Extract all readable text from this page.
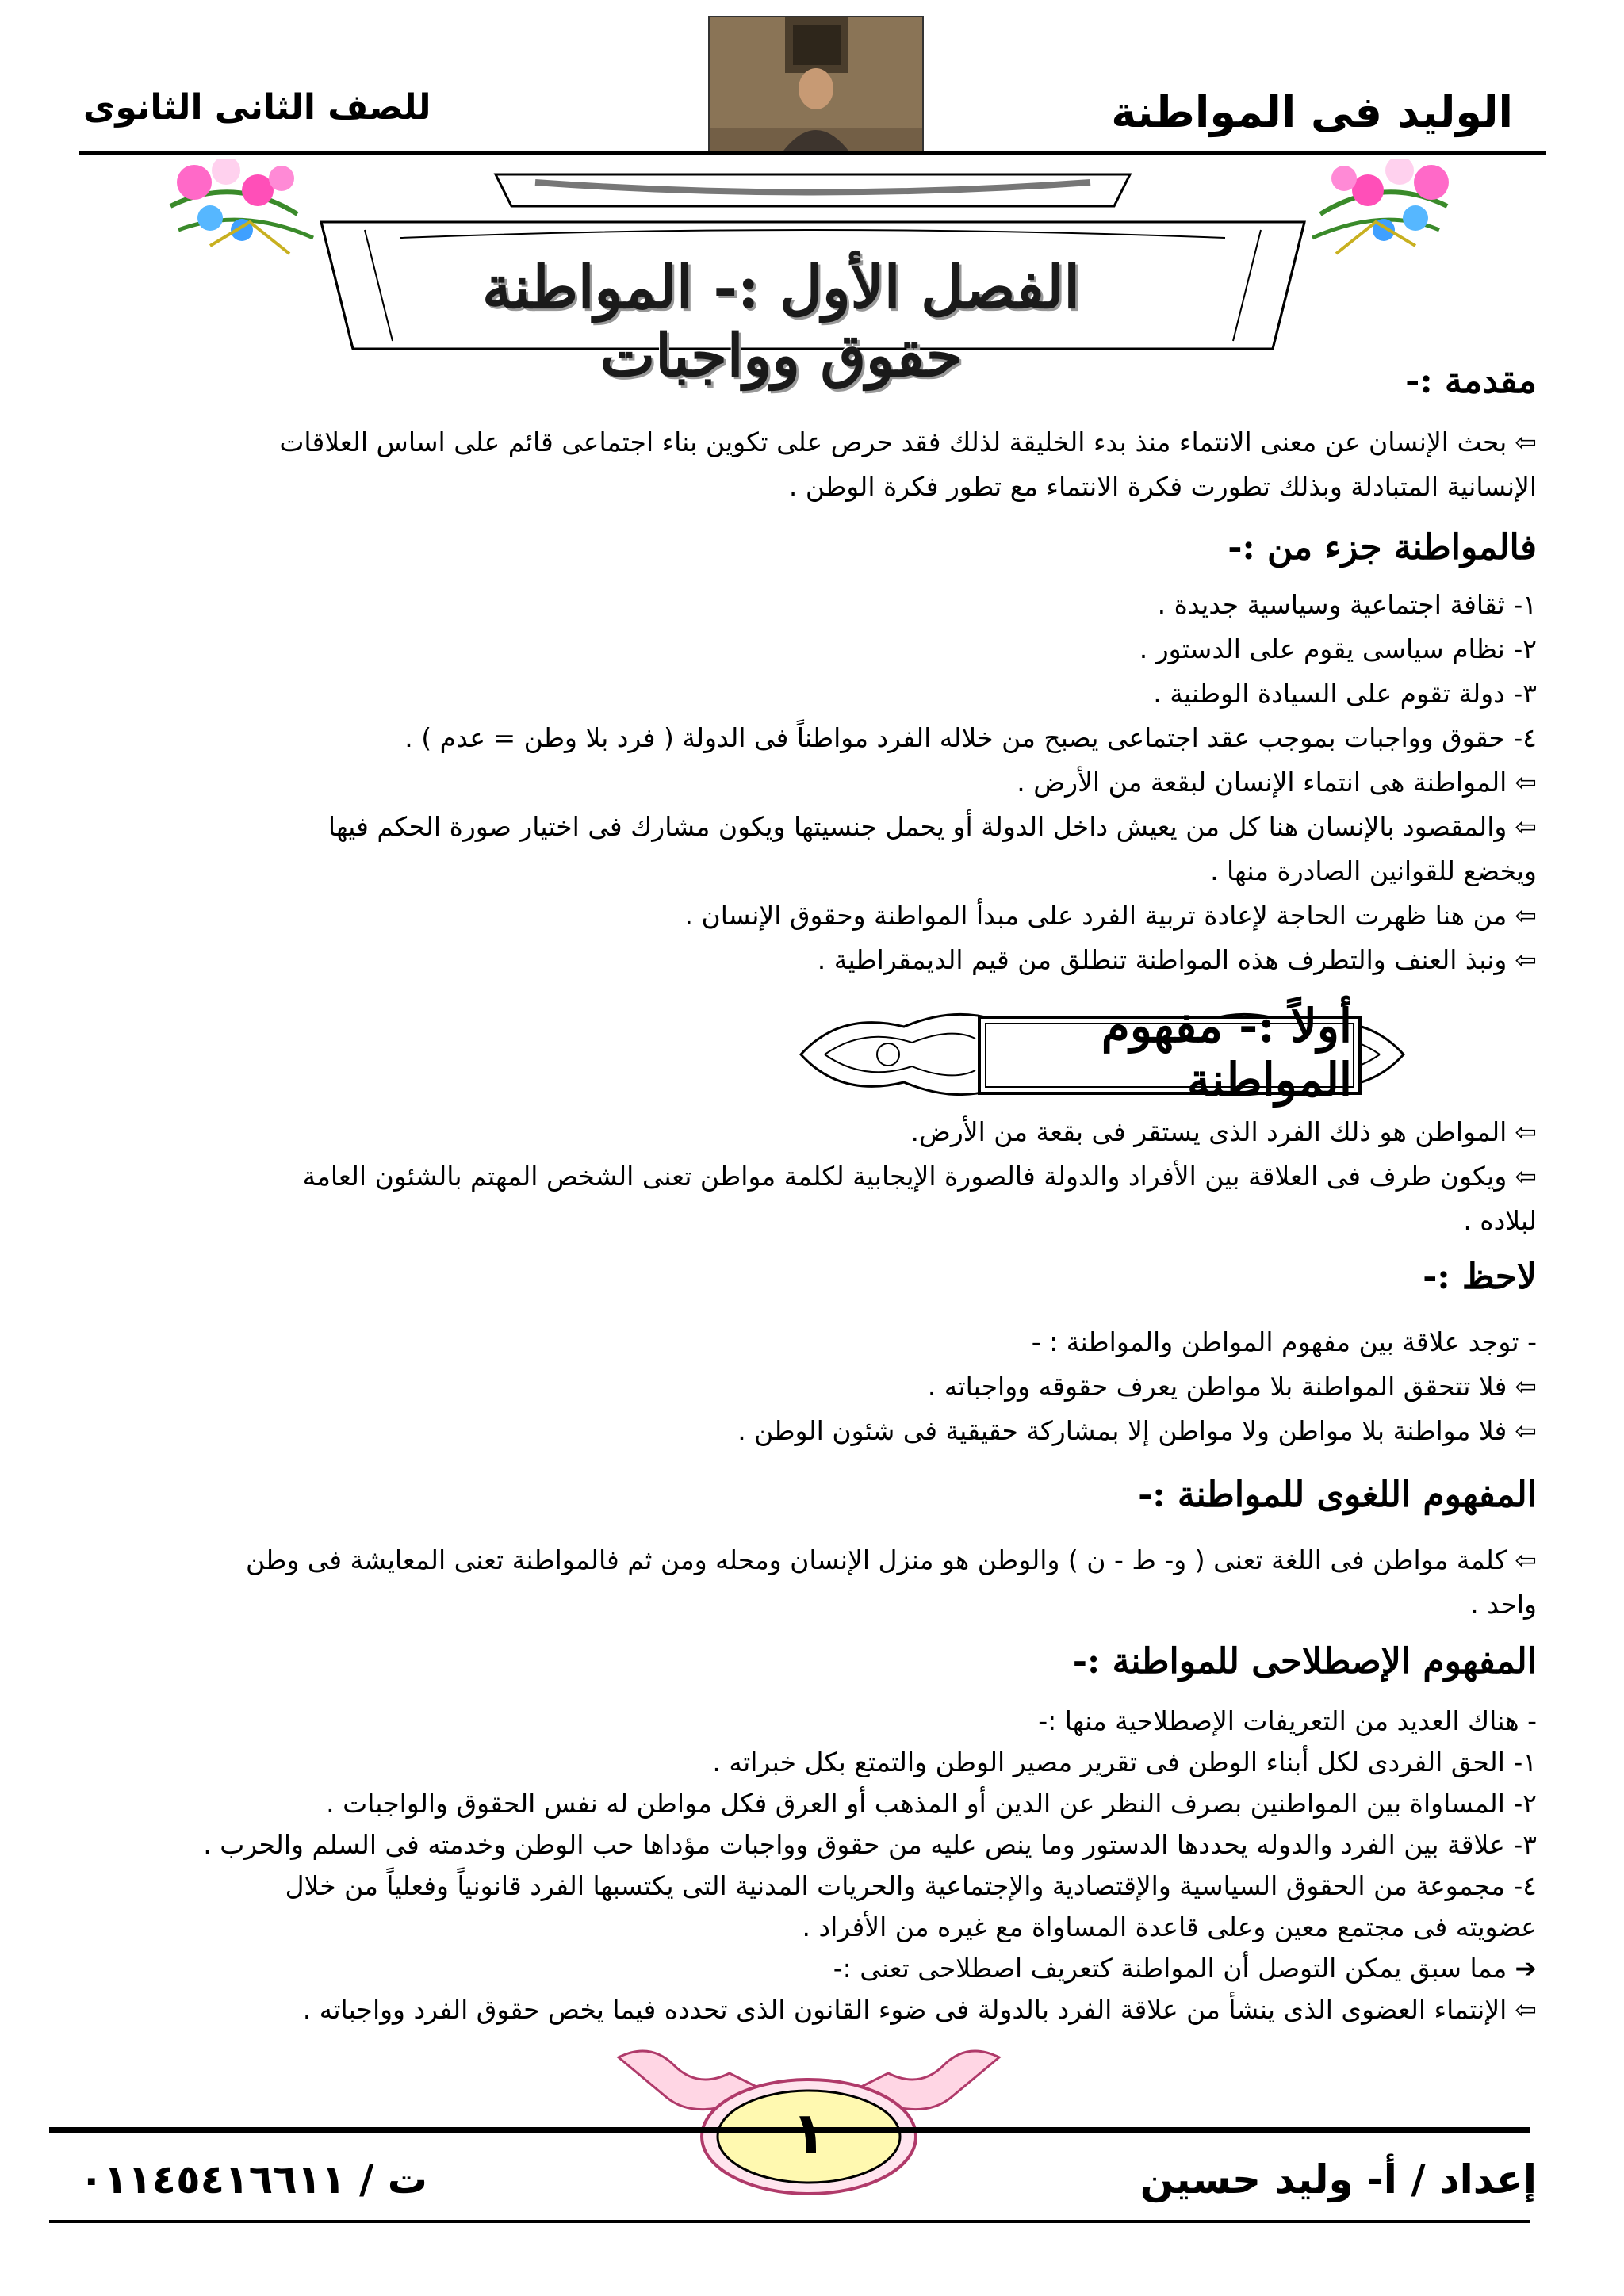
الوليد فى المواطنة
للصف الثانى الثانوى
الفصل الأول :- المواطنة حقوق وواجبات	مقدمة :-
⇦بحث الإنسان عن معنى الانتماء منذ بدء الخليقة لذلك فقد حرص على تكوين بناء اجتماعى قائم على اساس العلاقات
الإنسانية المتبادلة وبذلك تطورت فكرة الانتماء مع تطور فكرة الوطن .
فالمواطنة جزء من :-
١- ثقافة اجتماعية وسياسية جديدة .
٢- نظام سياسى يقوم على الدستور .
٣- دولة تقوم على السيادة الوطنية .
٤- حقوق وواجبات بموجب عقد اجتماعى يصبح من خلاله الفرد مواطناً فى الدولة ( فرد بلا وطن = عدم ) .
⇦المواطنة هى انتماء الإنسان لبقعة من الأرض .
⇦والمقصود بالإنسان هنا كل من يعيش داخل الدولة أو يحمل جنسيتها ويكون مشارك فى اختيار صورة الحكم فيها
ويخضع للقوانين الصادرة منها .
⇦من هنا ظهرت الحاجة لإعادة تربية الفرد على مبدأ المواطنة وحقوق الإنسان .
⇦ونبذ العنف والتطرف هذه المواطنة تنطلق من قيم الديمقراطية .
أولاً :- مفهوم المواطنة
⇦المواطن هو ذلك الفرد الذى يستقر فى بقعة من الأرض.
⇦ويكون طرف فى العلاقة بين الأفراد والدولة فالصورة الإيجابية لكلمة مواطن تعنى الشخص المهتم بالشئون العامة
لبلاده .
لاحظ :-
- توجد علاقة بين مفهوم المواطن والمواطنة : -
⇦فلا تتحقق المواطنة بلا مواطن يعرف حقوقه وواجباته .
⇦فلا مواطنة بلا مواطن ولا مواطن إلا بمشاركة حقيقية فى شئون الوطن .
المفهوم اللغوى للمواطنة :-
⇦كلمة مواطن فى اللغة تعنى ( و- ط - ن ) والوطن هو منزل الإنسان ومحله ومن ثم فالمواطنة تعنى المعايشة فى وطن
واحد .
المفهوم الإصطلاحى للمواطنة :-
- هناك العديد من التعريفات الإصطلاحية منها :-
١- الحق الفردى لكل أبناء الوطن فى تقرير مصير الوطن والتمتع بكل خبراته .
٢- المساواة بين المواطنين بصرف النظر عن الدين أو المذهب أو العرق فكل مواطن له نفس الحقوق والواجبات .
٣- علاقة بين الفرد والدوله يحددها الدستور وما ينص عليه من حقوق وواجبات مؤداها حب الوطن وخدمته فى السلم والحرب .
٤- مجموعة من الحقوق السياسية والإقتصادية والإجتماعية والحريات المدنية التى يكتسبها الفرد قانونياً وفعلياً من خلال
عضويته فى مجتمع معين وعلى قاعدة المساواة مع غيره من الأفراد .
➔مما سبق يمكن التوصل أن المواطنة كتعريف اصطلاحى تعنى :-
⇦الإنتماء العضوى الذى ينشأ من علاقة الفرد بالدولة فى ضوء القانون الذى تحدده فيما يخص حقوق الفرد وواجباته .
١
إعداد / أ- وليد حسين
ت / ٠١١٤٥٤١٦٦١١
